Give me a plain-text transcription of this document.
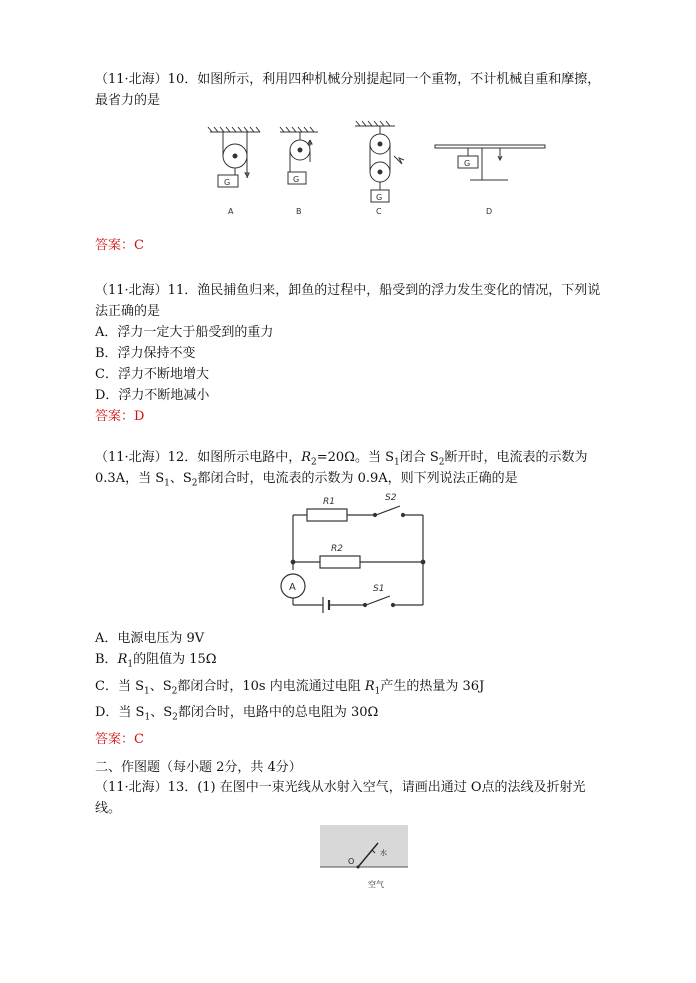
（11·北海）10．如图所示，利用四种机械分别提起同一个重物，不计机械自重和摩擦，
最省力的是
G
A
G
B
G
C
G
D
答案：C
（11·北海）11．渔民捕鱼归来，卸鱼的过程中，船受到的浮力发生变化的情况，下列说
法正确的是
A．浮力一定大于船受到的重力
B．浮力保持不变
C．浮力不断地增大
D．浮力不断地减小
答案：D
（11·北海）12．如图所示电路中，$R_2=20\Omega$。当 $S_1$闭合 $S_2$断开时，电流表的示数为
0.3A，当 $S_1$、$S_2$都闭合时，电流表的示数为 0.9A，则下列说法正确的是
R1	S2
R2
A	S1
A．电源电压为 9V
B．$R_1$的阻值为 15Ω
C．当 $S_1$、$S_2$都闭合时，10s 内电流通过电阻 $R_1$产生的热量为 36J
D．当 $S_1$、$S_2$都闭合时，电路中的总电阻为 30Ω
答案：C
二、作图题（每小题 2分，共 4分）
（11·北海）13．(1) 在图中一束光线从水射入空气，请画出通过 O点的法线及折射光
线。
O
水
空气
